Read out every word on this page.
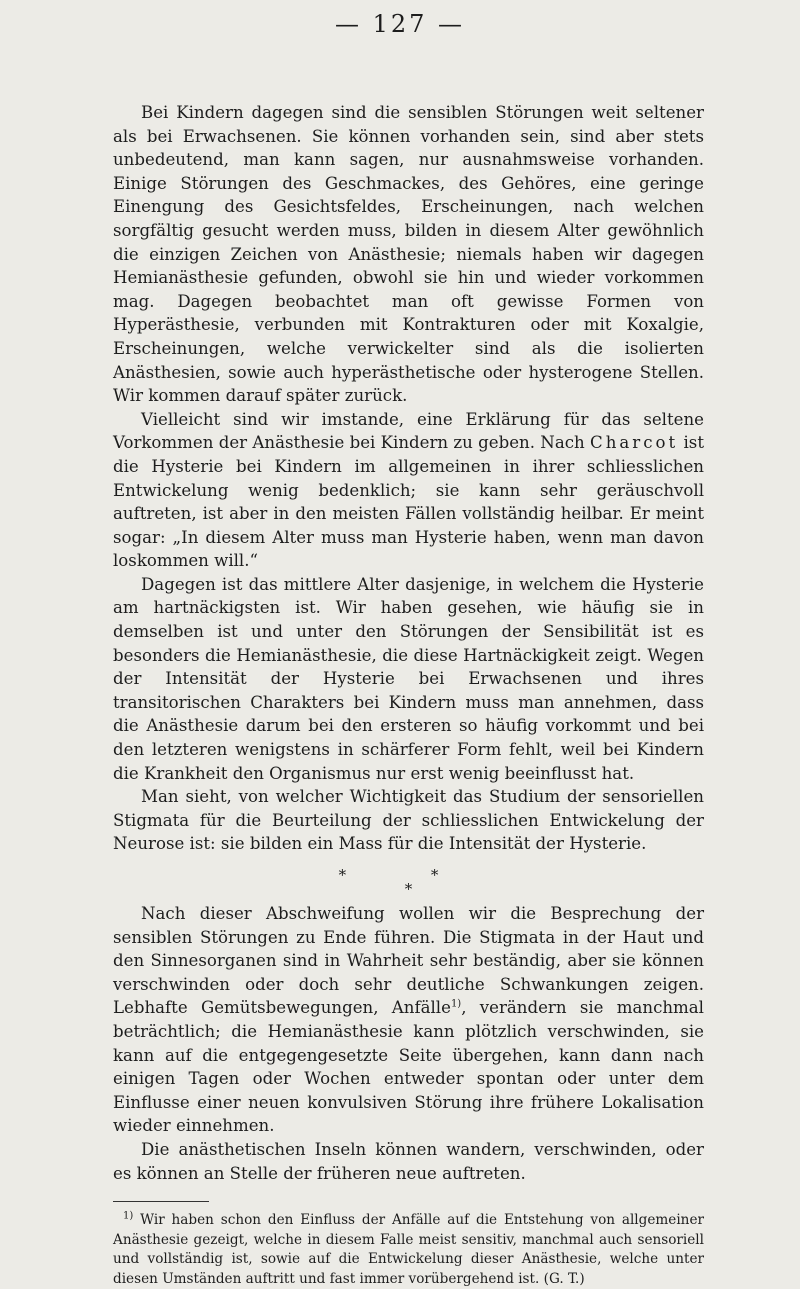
— 127 —

Bei Kindern dagegen sind die sensiblen Störungen weit seltener als bei Erwachsenen. Sie können vorhanden sein, sind aber stets unbedeutend, man kann sagen, nur ausnahmsweise vorhanden. Einige Störungen des Geschmackes, des Gehöres, eine geringe Einengung des Gesichtsfeldes, Erscheinungen, nach welchen sorgfältig gesucht werden muss, bilden in diesem Alter gewöhnlich die einzigen Zeichen von Anästhesie; niemals haben wir dagegen Hemianästhesie gefunden, obwohl sie hin und wieder vorkommen mag. Dagegen beobachtet man oft gewisse Formen von Hyperästhesie, verbunden mit Kontrakturen oder mit Koxalgie, Erscheinungen, welche verwickelter sind als die isolierten Anästhesien, sowie auch hyperästhetische oder hysterogene Stellen. Wir kommen darauf später zurück.

Vielleicht sind wir imstande, eine Erklärung für das seltene Vorkommen der Anästhesie bei Kindern zu geben. Nach Charcot ist die Hysterie bei Kindern im allgemeinen in ihrer schliesslichen Entwickelung wenig bedenklich; sie kann sehr geräuschvoll auftreten, ist aber in den meisten Fällen vollständig heilbar. Er meint sogar: „In diesem Alter muss man Hysterie haben, wenn man davon loskommen will.“

Dagegen ist das mittlere Alter dasjenige, in welchem die Hysterie am hartnäckigsten ist. Wir haben gesehen, wie häufig sie in demselben ist und unter den Störungen der Sensibilität ist es besonders die Hemianästhesie, die diese Hartnäckigkeit zeigt. Wegen der Intensität der Hysterie bei Erwachsenen und ihres transitorischen Charakters bei Kindern muss man annehmen, dass die Anästhesie darum bei den ersteren so häufig vorkommt und bei den letzteren wenigstens in schärferer Form fehlt, weil bei Kindern die Krankheit den Organismus nur erst wenig beeinflusst hat.

Man sieht, von welcher Wichtigkeit das Studium der sensoriellen Stigmata für die Beurteilung der schliesslichen Entwickelung der Neurose ist: sie bilden ein Mass für die Intensität der Hysterie.

* *
*

Nach dieser Abschweifung wollen wir die Besprechung der sensiblen Störungen zu Ende führen. Die Stigmata in der Haut und den Sinnesorganen sind in Wahrheit sehr beständig, aber sie können verschwinden oder doch sehr deutliche Schwankungen zeigen. Lebhafte Gemütsbewegungen, Anfälle$^{1)}$, verändern sie manchmal beträchtlich; die Hemianästhesie kann plötzlich verschwinden, sie kann auf die entgegengesetzte Seite übergehen, kann dann nach einigen Tagen oder Wochen entweder spontan oder unter dem Einflusse einer neuen konvulsiven Störung ihre frühere Lokalisation wieder einnehmen.

Die anästhetischen Inseln können wandern, verschwinden, oder es können an Stelle der früheren neue auftreten.

$^{1)}$ Wir haben schon den Einfluss der Anfälle auf die Entstehung von allgemeiner Anästhesie gezeigt, welche in diesem Falle meist sensitiv, manchmal auch sensoriell und vollständig ist, sowie auf die Entwickelung dieser Anästhesie, welche unter diesen Umständen auftritt und fast immer vorübergehend ist. (G. T.)
